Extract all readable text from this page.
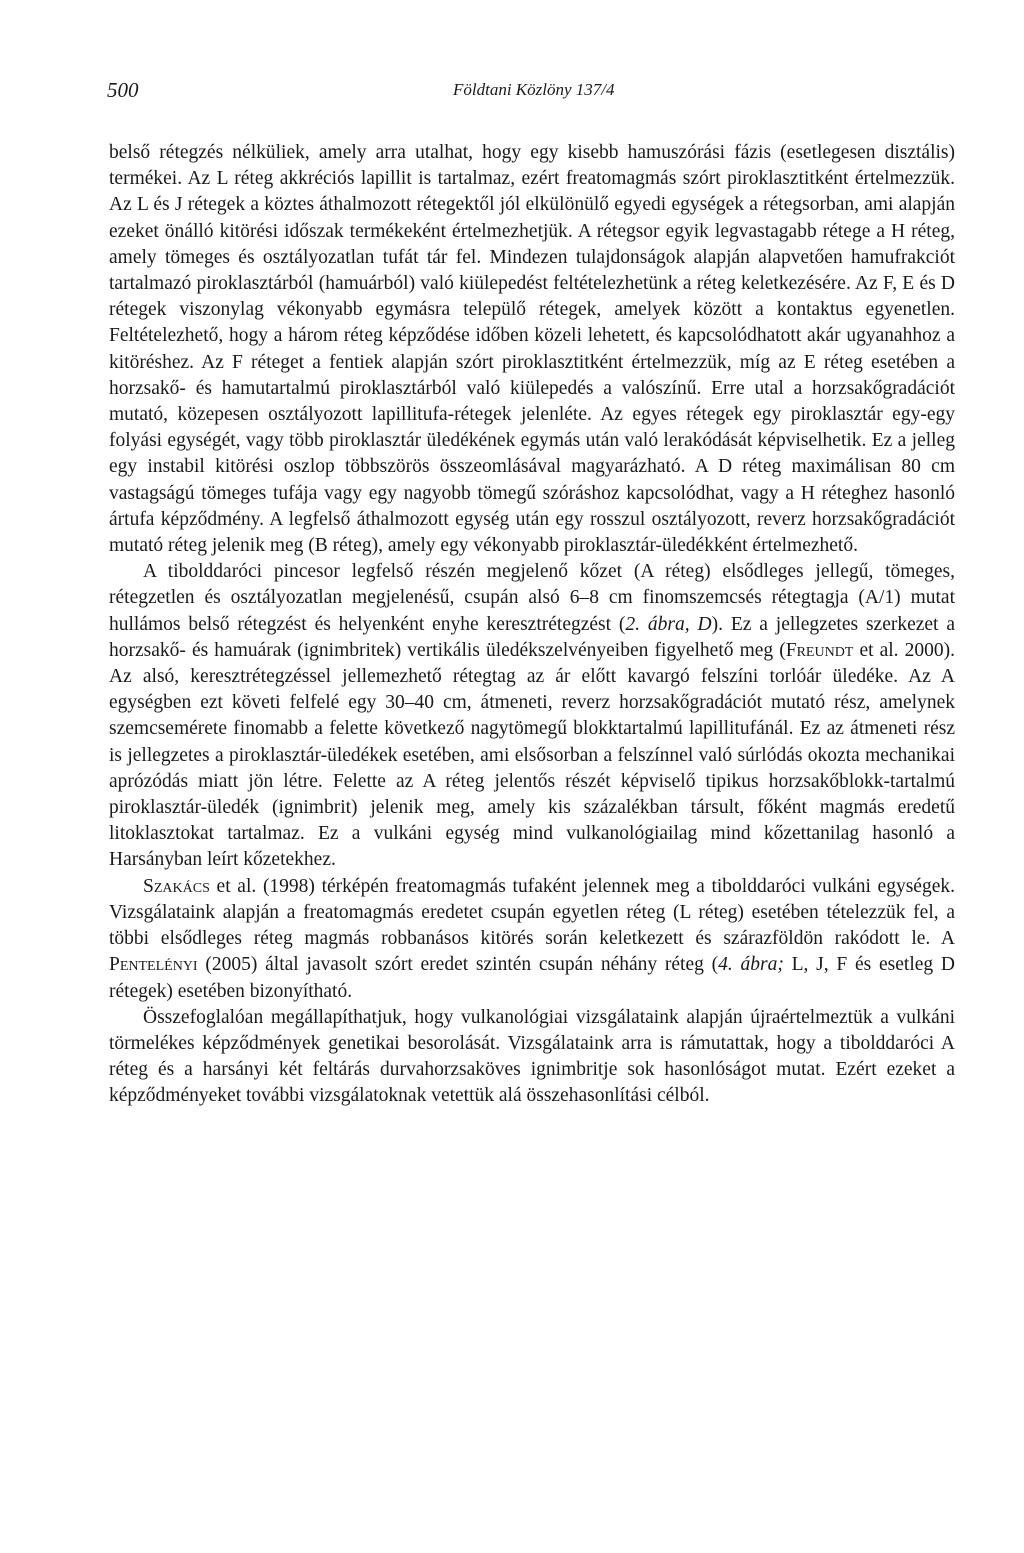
500	Földtani Közlöny 137/4

belső rétegzés nélküliek, amely arra utalhat, hogy egy kisebb hamuszórási fázis (esetlegesen disztális) termékei. Az L réteg akkréciós lapillit is tartalmaz, ezért freatomagmás szórt piroklasztitként értelmezzük. Az L és J rétegek a köztes áthalmozott rétegektől jól elkülönülő egyedi egységek a rétegsorban, ami alapján ezeket önálló kitörési időszak termékeként értelmezhetjük. A rétegsor egyik legvastagabb rétege a H réteg, amely tömeges és osztályozatlan tufát tár fel. Mindezen tulajdonságok alapján alapvetően hamufrakciót tartalmazó piroklasztárból (hamuárból) való kiülepedést feltételezhetünk a réteg keletkezésére. Az F, E és D rétegek viszonylag vékonyabb egymásra települő rétegek, amelyek között a kontaktus egyenetlen. Feltételezhető, hogy a három réteg képződése időben közeli lehetett, és kapcsolódhatott akár ugyanahhoz a kitöréshez. Az F réteget a fentiek alapján szórt piroklasztitként értelmezzük, míg az E réteg esetében a horzsakő- és hamutartalmú piroklasztárból való kiülepedés a valószínű. Erre utal a horzsakőgradációt mutató, közepesen osztályozott lapillitufa-rétegek jelenléte. Az egyes rétegek egy piroklasztár egy-egy folyási egységét, vagy több piroklasztár üledékének egymás után való lerakódását képviselhetik. Ez a jelleg egy instabil kitörési oszlop többszörös összeomlásával magyarázható. A D réteg maximálisan 80 cm vastagságú tömeges tufája vagy egy nagyobb tömegű szóráshoz kapcsolódhat, vagy a H réteghez hasonló ártufa képződmény. A legfelső áthalmozott egység után egy rosszul osztályozott, reverz horzsakőgradációt mutató réteg jelenik meg (B réteg), amely egy vékonyabb piroklasztár-üledékként értelmezhető.

A tibolddaróci pincesor legfelső részén megjelenő kőzet (A réteg) elsődleges jellegű, tömeges, rétegzetlen és osztályozatlan megjelenésű, csupán alsó 6–8 cm finomszemcsés rétegtagja (A/1) mutat hullámos belső rétegzést és helyenként enyhe keresztrétegzést (2. ábra, D). Ez a jellegzetes szerkezet a horzsakő- és hamuárak (ignimbritek) vertikális üledékszelvényeiben figyelhető meg (Freundt et al. 2000). Az alsó, keresztrétegzéssel jellemezhető rétegtag az ár előtt kavargó felszíni torlóár üledéke. Az A egységben ezt követi felfelé egy 30–40 cm, átmeneti, reverz horzsakőgradációt mutató rész, amelynek szemcsemérete finomabb a felette következő nagytömegű blokktartalmú lapillitufánál. Ez az átmeneti rész is jellegzetes a piroklasztár-üledékek esetében, ami elsősorban a felszínnel való súrlódás okozta mechanikai aprózódás miatt jön létre. Felette az A réteg jelentős részét képviselő tipikus horzsakőblokk-tartalmú piroklasztár-üledék (ignimbrit) jelenik meg, amely kis százalékban társult, főként magmás eredetű litoklasztokat tartalmaz. Ez a vulkáni egység mind vulkanológiailag mind kőzettanilag hasonló a Harsányban leírt kőzetekhez.

Szakács et al. (1998) térképén freatomagmás tufaként jelennek meg a tibolddaróci vulkáni egységek. Vizsgálataink alapján a freatomagmás eredetet csupán egyetlen réteg (L réteg) esetében tételezzük fel, a többi elsődleges réteg magmás robbanásos kitörés során keletkezett és szárazföldön rakódott le. A Pentelényi (2005) által javasolt szórt eredet szintén csupán néhány réteg (4. ábra; L, J, F és esetleg D rétegek) esetében bizonyítható.

Összefoglalóan megállapíthatjuk, hogy vulkanológiai vizsgálataink alapján újraértelmeztük a vulkáni törmelékes képződmények genetikai besorolását. Vizsgálataink arra is rámutattak, hogy a tibolddaróci A réteg és a harsányi két feltárás durvahorzsaköves ignimbritje sok hasonlóságot mutat. Ezért ezeket a képződményeket további vizsgálatoknak vetettük alá összehasonlítási célból.
